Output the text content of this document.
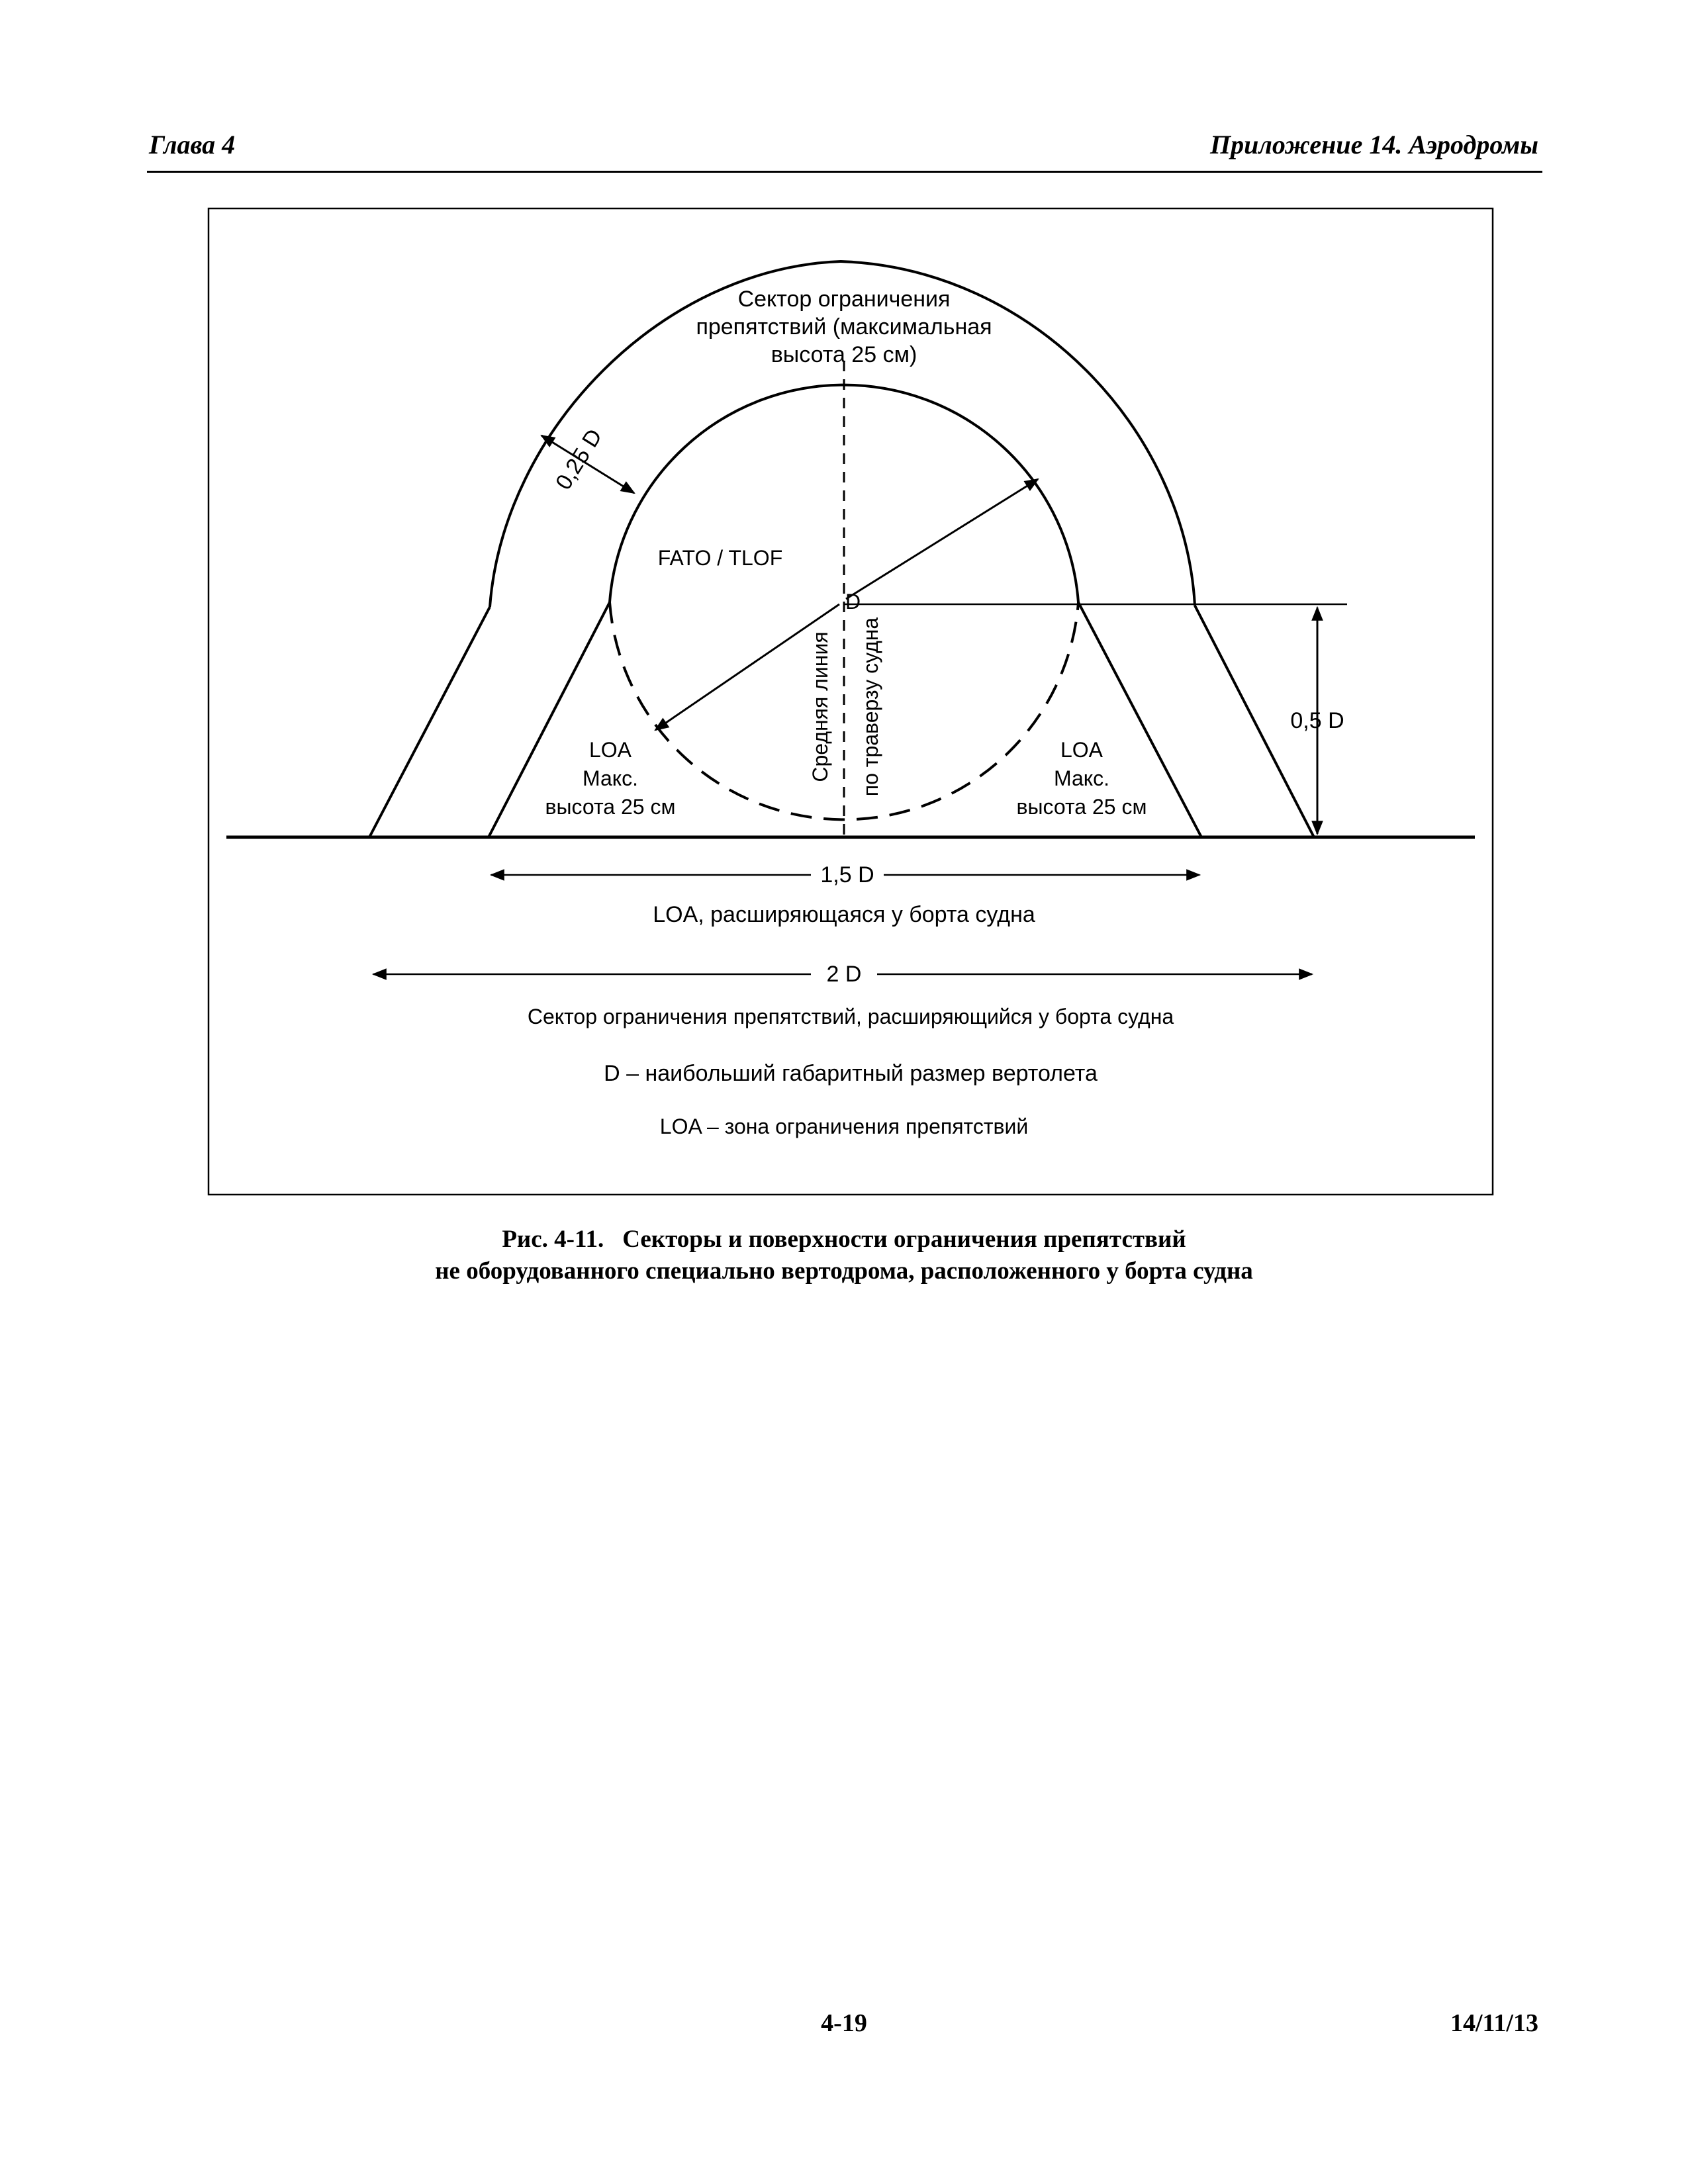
Глава 4	Приложение 14. Аэродромы
Сектор ограничения
препятствий (максимальная
высота 25 см)
0,25 D
FATO / TLOF
D
Средняя линия по траверзу судна
LOA
Макс.
высота 25 см
LOA
Макс.
высота 25 см
0,5 D
1,5 D
LOA, расширяющаяся у борта судна
2 D
Сектор ограничения препятствий, расширяющийся у борта судна
D – наибольший габаритный размер вертолета
LOA – зона ограничения препятствий
Рис. 4-11. Секторы и поверхности ограничения препятствий
не оборудованного специально вертодрома, расположенного у борта судна
4-19	14/11/13
